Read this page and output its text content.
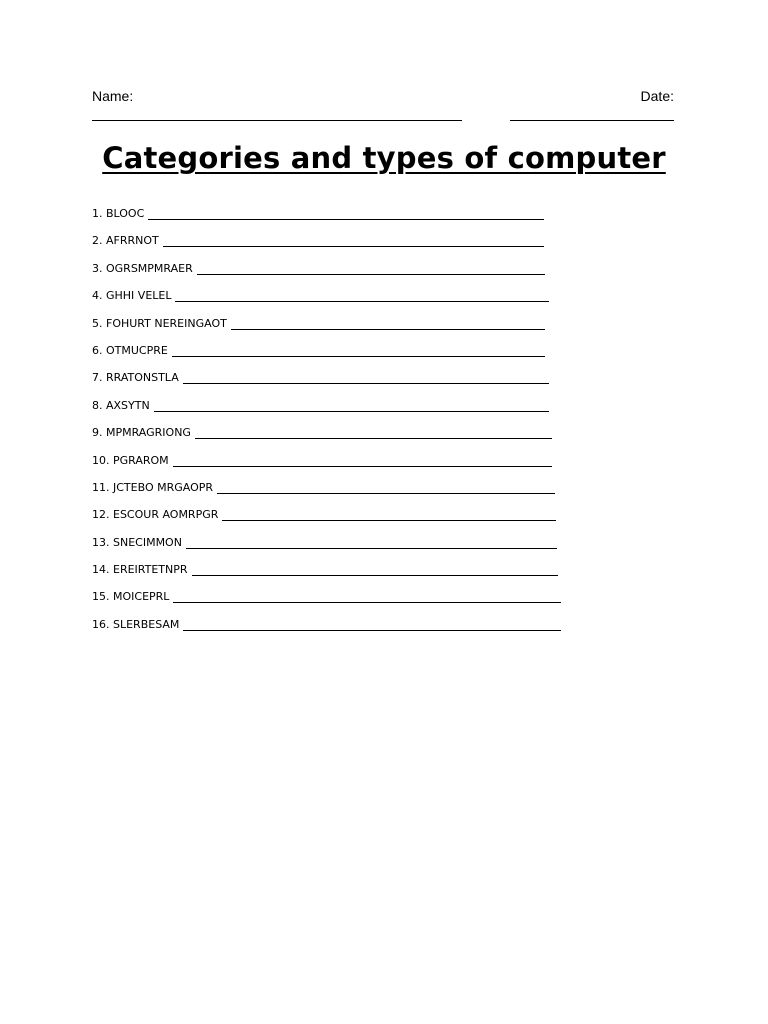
Name:	Date:
Categories and types of computer
1. BLOOC
2. AFRRNOT
3. OGRSMPMRAER
4. GHHI VELEL
5. FOHURT NEREINGAOT
6. OTMUCPRE
7. RRATONSTLA
8. AXSYTN
9. MPMRAGRIONG
10. PGRAROM
11. JCTEBO MRGAOPR
12. ESCOUR AOMRPGR
13. SNECIMMON
14. EREIRTETNPR
15. MOICEPRL
16. SLERBESAM
